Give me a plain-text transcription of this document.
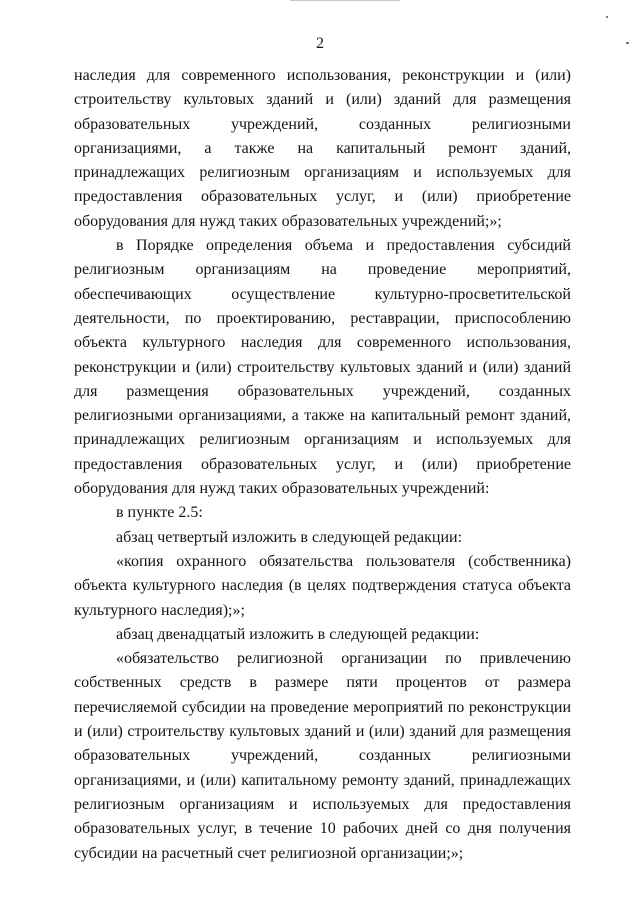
2

наследия для современного использования, реконструкции и (или) строительству культовых зданий и (или) зданий для размещения образовательных учреждений, созданных религиозными организациями, а также на капитальный ремонт зданий, принадлежащих религиозным организациям и используемых для предоставления образовательных услуг, и (или) приобретение оборудования для нужд таких образовательных учреждений;»;

в Порядке определения объема и предоставления субсидий религиозным организациям на проведение мероприятий, обеспечивающих осуществление культурно-просветительской деятельности, по проектированию, реставрации, приспособлению объекта культурного наследия для современного использования, реконструкции и (или) строительству культовых зданий и (или) зданий для размещения образовательных учреждений, созданных религиозными организациями, а также на капитальный ремонт зданий, принадлежащих религиозным организациям и используемых для предоставления образовательных услуг, и (или) приобретение оборудования для нужд таких образовательных учреждений:

в пункте 2.5:

абзац четвертый изложить в следующей редакции:

«копия охранного обязательства пользователя (собственника) объекта культурного наследия (в целях подтверждения статуса объекта культурного наследия);»;

абзац двенадцатый изложить в следующей редакции:

«обязательство религиозной организации по привлечению собственных средств в размере пяти процентов от размера перечисляемой субсидии на проведение мероприятий по реконструкции и (или) строительству культовых зданий и (или) зданий для размещения образовательных учреждений, созданных религиозными организациями, и (или) капитальному ремонту зданий, принадлежащих религиозным организациям и используемых для предоставления образовательных услуг, в течение 10 рабочих дней со дня получения субсидии на расчетный счет религиозной организации;»;
